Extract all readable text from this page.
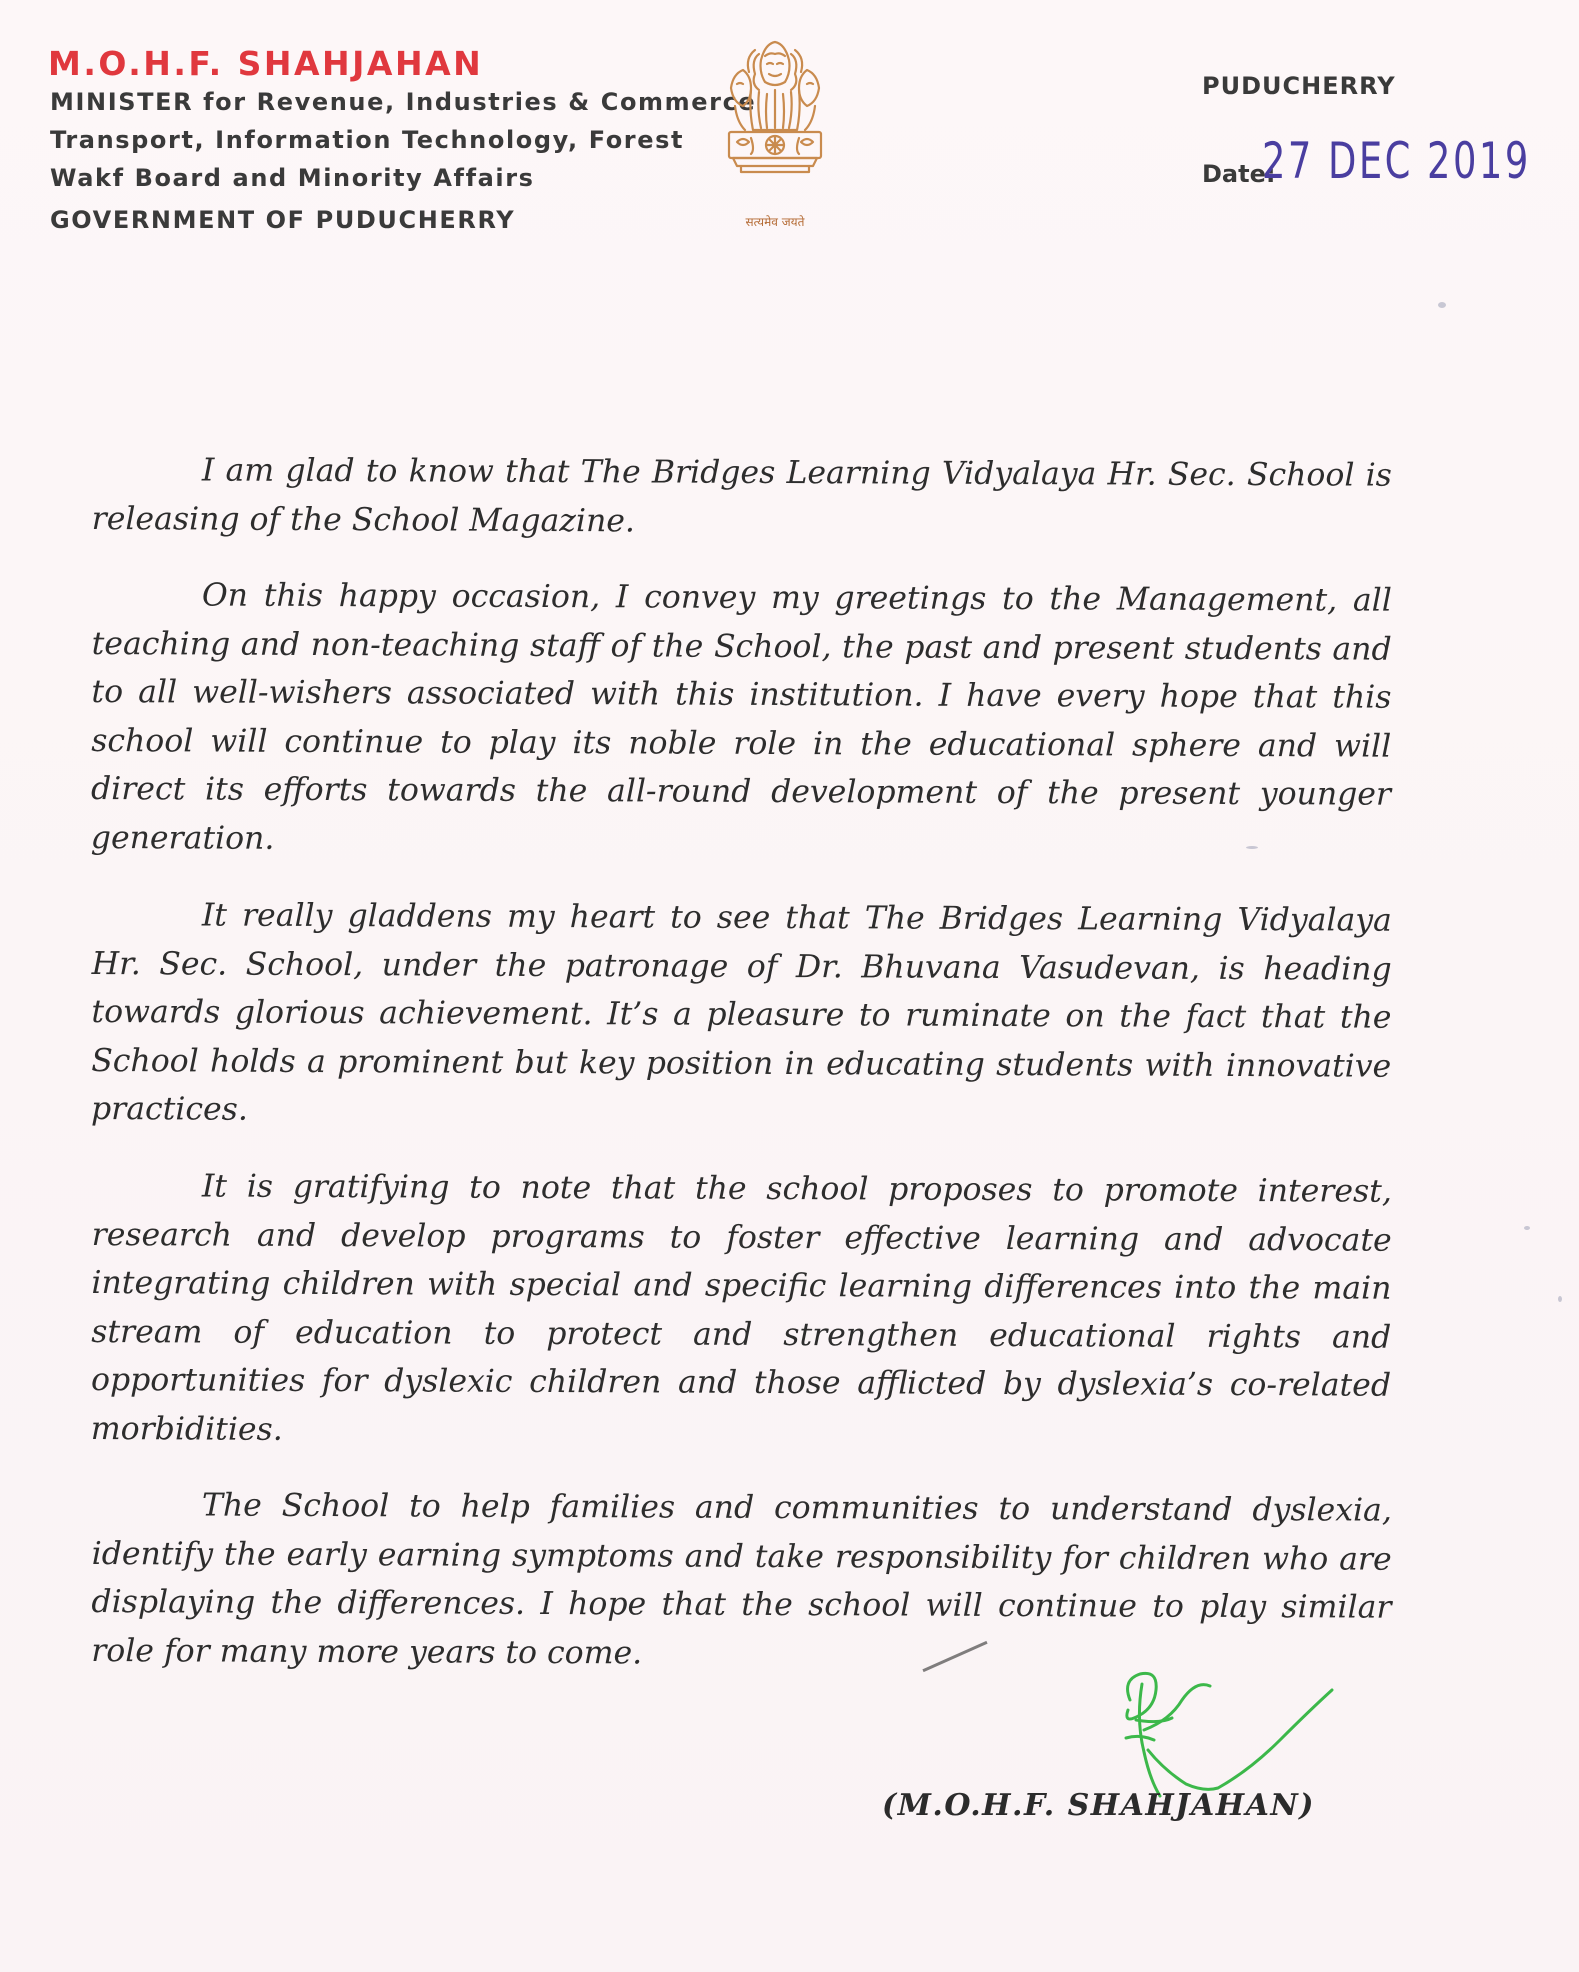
M.O.H.F. SHAHJAHAN
MINISTER for Revenue, Industries & Commerce
Transport, Information Technology, Forest
Wakf Board and Minority Affairs
GOVERNMENT OF PUDUCHERRY	सत्यमेव जयते
PUDUCHERRY
Date:
27 DEC 2019

I am glad to know that The Bridges Learning Vidyalaya Hr. Sec. School is releasing of the School Magazine.

On this happy occasion, I convey my greetings to the Management, all teaching and non-teaching staff of the School, the past and present students and to all well-wishers associated with this institution. I have every hope that this school will continue to play its noble role in the educational sphere and will direct its efforts towards the all-round development of the present younger generation.

It really gladdens my heart to see that The Bridges Learning Vidyalaya Hr. Sec. School, under the patronage of Dr. Bhuvana Vasudevan, is heading towards glorious achievement. It’s a pleasure to ruminate on the fact that the School holds a prominent but key position in educating students with innovative practices.

It is gratifying to note that the school proposes to promote interest, research and develop programs to foster effective learning and advocate integrating children with special and specific learning differences into the main stream of education to protect and strengthen educational rights and opportunities for dyslexic children and those afflicted by dyslexia’s co-related morbidities.

The School to help families and communities to understand dyslexia, identify the early earning symptoms and take responsibility for children who are displaying the differences. I hope that the school will continue to play similar role for many more years to come.

(M.O.H.F. SHAHJAHAN)
